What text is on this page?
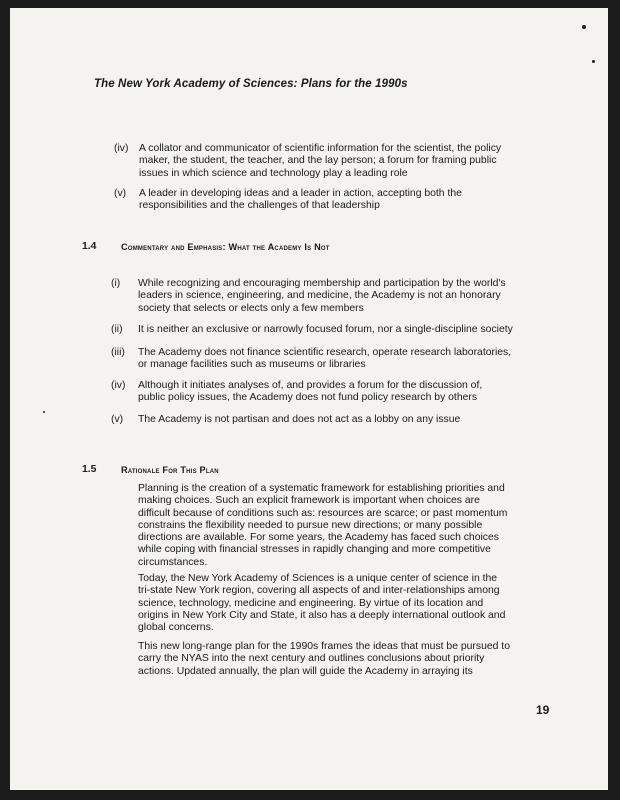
The New York Academy of Sciences: Plans for the 1990s
(iv) A collator and communicator of scientific information for the scientist, the policy
maker, the student, the teacher, and the lay person; a forum for framing public
issues in which science and technology play a leading role
(v) A leader in developing ideas and a leader in action, accepting both the
responsibilities and the challenges of that leadership
1.4	Commentary and Emphasis: What the Academy Is Not
(i) While recognizing and encouraging membership and participation by the world's
leaders in science, engineering, and medicine, the Academy is not an honorary
society that selects or elects only a few members
(ii) It is neither an exclusive or narrowly focused forum, nor a single-discipline society
(iii) The Academy does not finance scientific research, operate research laboratories,
or manage facilities such as museums or libraries
(iv) Although it initiates analyses of, and provides a forum for the discussion of,
public policy issues, the Academy does not fund policy research by others
(v) The Academy is not partisan and does not act as a lobby on any issue
1.5	Rationale For This Plan
Planning is the creation of a systematic framework for establishing priorities and
making choices. Such an explicit framework is important when choices are
difficult because of conditions such as: resources are scarce; or past momentum
constrains the flexibility needed to pursue new directions; or many possible
directions are available. For some years, the Academy has faced such choices
while coping with financial stresses in rapidly changing and more competitive
circumstances.
Today, the New York Academy of Sciences is a unique center of science in the
tri-state New York region, covering all aspects of and inter-relationships among
science, technology, medicine and engineering. By virtue of its location and
origins in New York City and State, it also has a deeply international outlook and
global concerns.
This new long-range plan for the 1990s frames the ideas that must be pursued to
carry the NYAS into the next century and outlines conclusions about priority
actions. Updated annually, the plan will guide the Academy in arraying its
19
